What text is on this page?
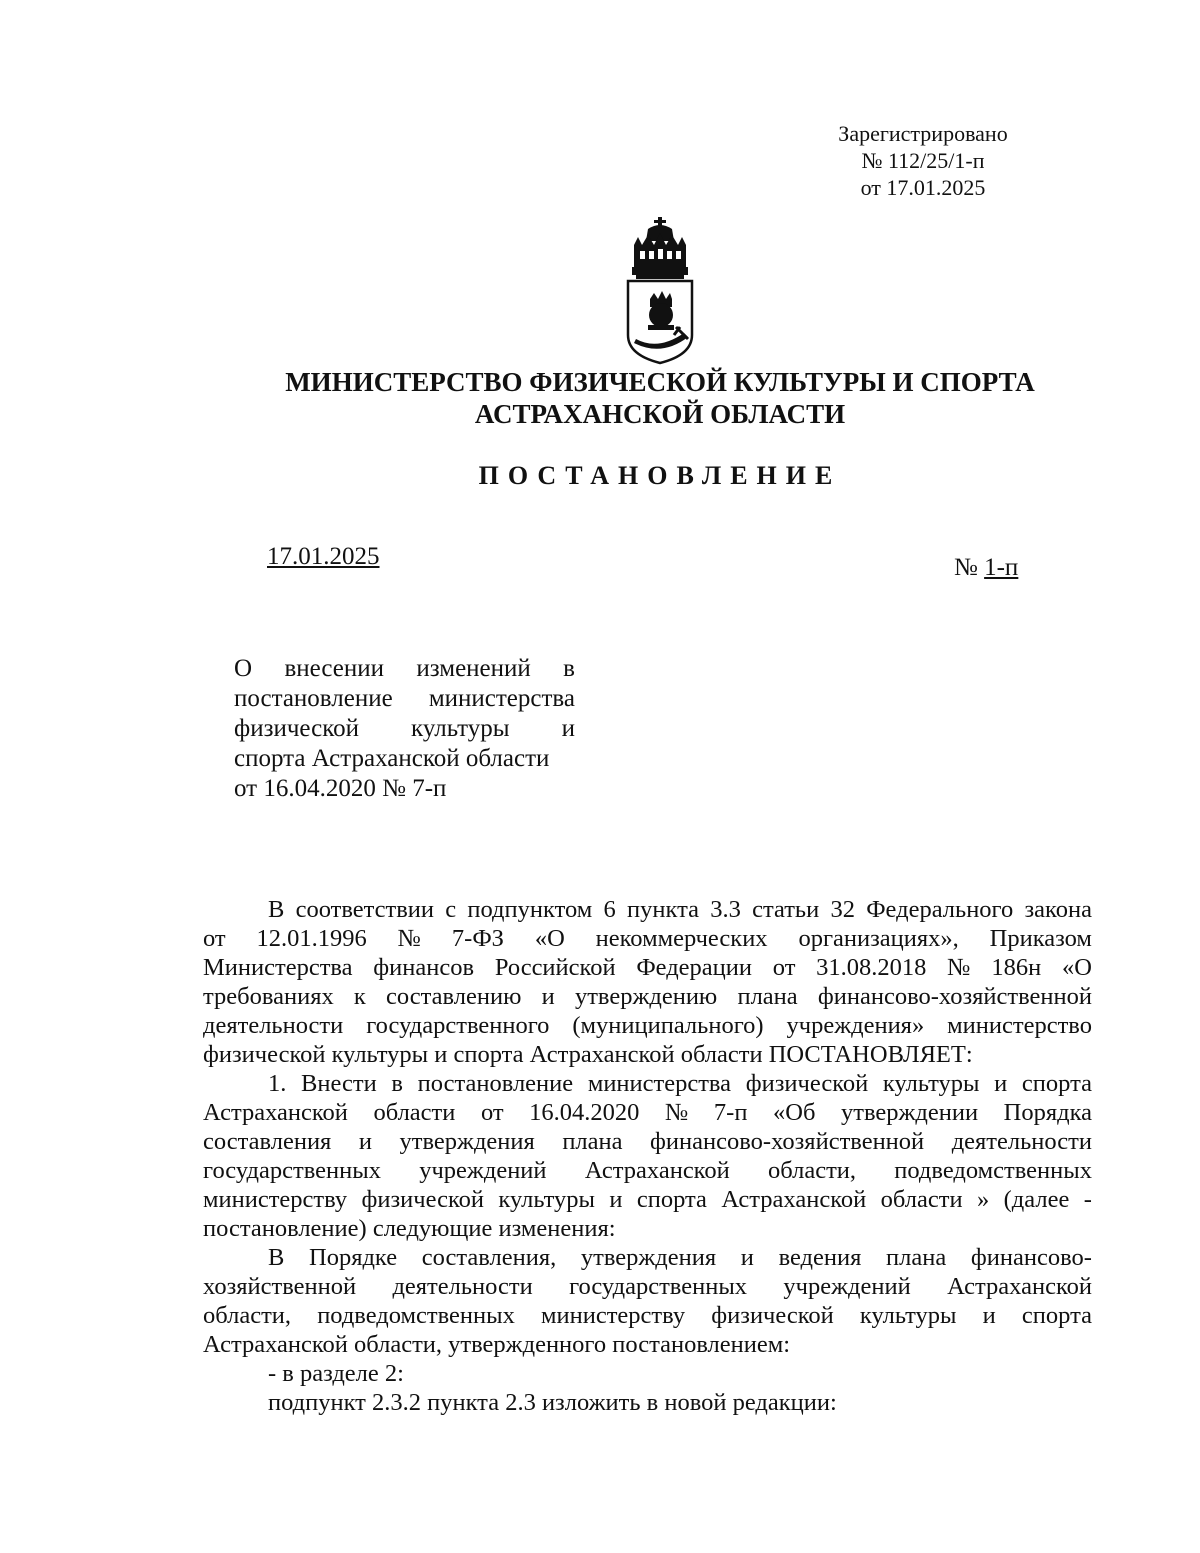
Зарегистрировано
№ 112/25/1-п
от 17.01.2025
МИНИСТЕРСТВО ФИЗИЧЕСКОЙ КУЛЬТУРЫ И СПОРТА
АСТРАХАНСКОЙ ОБЛАСТИ
ПОСТАНОВЛЕНИЕ
17.01.2025	№ 1-п
О внесении изменений в
постановление министерства
физической культуры и
спорта Астраханской области
от 16.04.2020 № 7-п
В соответствии с подпунктом 6 пункта 3.3 статьи 32 Федерального закона
от 12.01.1996 № 7-ФЗ «О некоммерческих организациях», Приказом
Министерства финансов Российской Федерации от 31.08.2018 № 186н «О
требованиях к составлению и утверждению плана финансово-хозяйственной
деятельности государственного (муниципального) учреждения» министерство
физической культуры и спорта Астраханской области ПОСТАНОВЛЯЕТ:
1. Внести в постановление министерства физической культуры и спорта
Астраханской области от 16.04.2020 № 7-п «Об утверждении Порядка
составления и утверждения плана финансово-хозяйственной деятельности
государственных учреждений Астраханской области, подведомственных
министерству физической культуры и спорта Астраханской области » (далее -
постановление) следующие изменения:
В Порядке составления, утверждения и ведения плана финансово-
хозяйственной деятельности государственных учреждений Астраханской
области, подведомственных министерству физической культуры и спорта
Астраханской области, утвержденного постановлением:
- в разделе 2:
подпункт 2.3.2 пункта 2.3 изложить в новой редакции:
